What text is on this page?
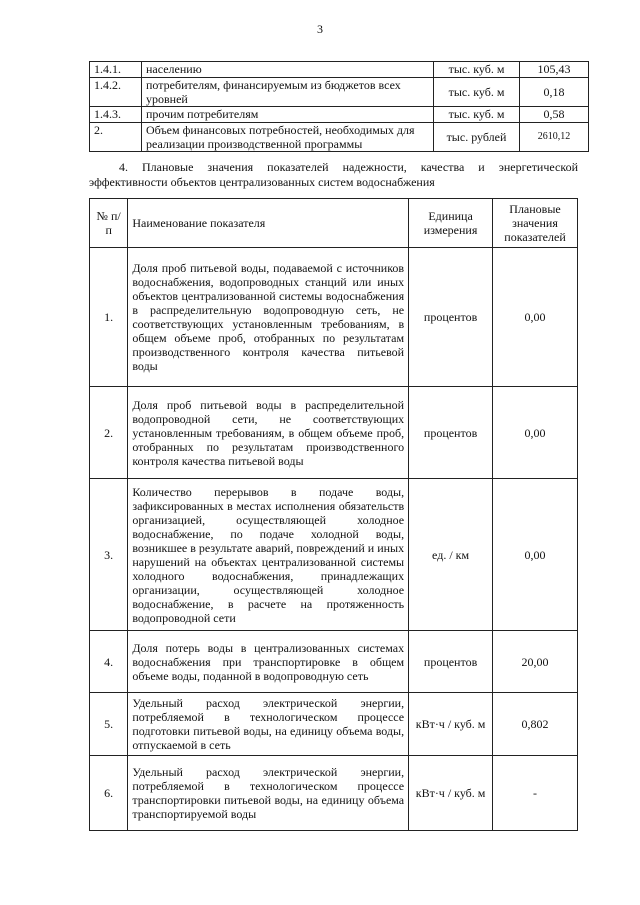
3
1.4.1.	населению	тыс. куб. м	105,43
1.4.2.	потребителям, финансируемым из бюджетов всех уровней	тыс. куб. м	0,18
1.4.3.	прочим потребителям	тыс. куб. м	0,58
2.	Объем финансовых потребностей, необходимых для реализации производственной программы	тыс. рублей	2610,12
4. Плановые значения показателей надежности, качества и энергетической эффективности объектов централизованных систем водоснабжения
№ п/п	Наименование показателя	Единица измерения	Плановые значения показателей
1.	Доля проб питьевой воды, подаваемой с источников водоснабжения, водопроводных станций или иных объектов централизованной системы водоснабжения в распределительную водопроводную сеть, не соответствующих установленным требованиям, в общем объеме проб, отобранных по результатам производственного контроля качества питьевой воды	процентов	0,00
2.	Доля проб питьевой воды в распределительной водопроводной сети, не соответствующих установленным требованиям, в общем объеме проб, отобранных по результатам производственного контроля качества питьевой воды	процентов	0,00
3.	Количество перерывов в подаче воды, зафиксированных в местах исполнения обязательств организацией, осуществляющей холодное водоснабжение, по подаче холодной воды, возникшее в результате аварий, повреждений и иных нарушений на объектах централизованной системы холодного водоснабжения, принадлежащих организации, осуществляющей холодное водоснабжение, в расчете на протяженность водопроводной сети	ед. / км	0,00
4.	Доля потерь воды в централизованных системах водоснабжения при транспортировке в общем объеме воды, поданной в водопроводную сеть	процентов	20,00
5.	Удельный расход электрической энергии, потребляемой в технологическом процессе подготовки питьевой воды, на единицу объема воды, отпускаемой в сеть	кВт·ч / куб. м	0,802
6.	Удельный расход электрической энергии, потребляемой в технологическом процессе транспортировки питьевой воды, на единицу объема транспортируемой воды	кВт·ч / куб. м	-
